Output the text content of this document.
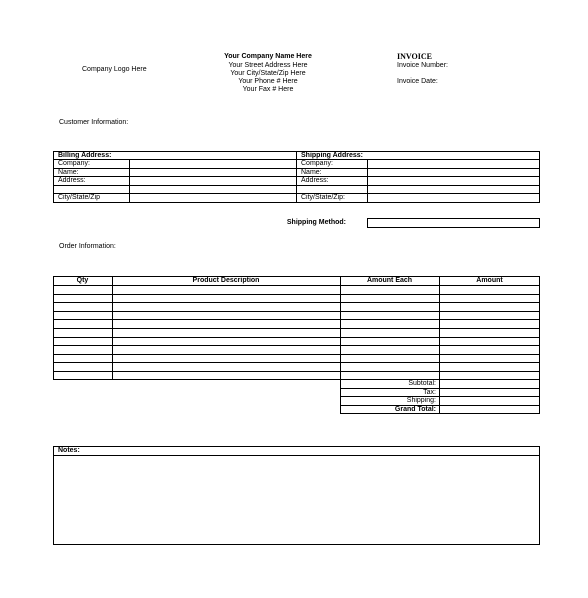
Company Logo Here
Your Company Name Here
Your Street Address Here
Your City/State/Zip Here
Your Phone # Here
Your Fax # Here
INVOICE
Invoice Number:
Invoice Date:
Customer Information:
Billing Address:
Company:
Name:
Address:
City/State/Zip
Shipping Address:
Company:
Name:
Address:
City/State/Zip:
Shipping Method:
Order Information:
Qty	Product Description	Amount Each	Amount
Subtotal:
Tax:
Shipping:
Grand Total:
Notes:
